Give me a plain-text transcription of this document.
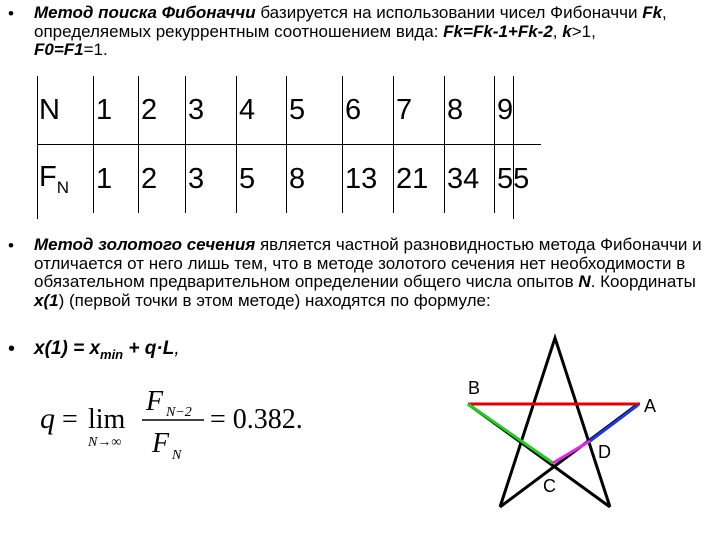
•
•
•
Метод поиска Фибоначчи базируется на использовании чисел Фибоначчи Fk, определяемых рекуррентным соотношением вида: Fk=Fk-1+Fk-2, k>1, F0=F1=1.
N	1	2	3	4	5	6	7	8	9
$F_N$	1	2	3	5	8	13	21	34	55
Метод золотого сечения является частной разновидностью метода Фибоначчи и отличается от него лишь тем, что в методе золотого сечения нет необходимости в обязательном предварительном определении общего числа опытов N. Координаты x(1) (первой точки в этом методе) находятся по формуле:
$x(1) = x_{min} + q\cdot L$,
q = lim
N→∞
F N−2
F N
= 0.382.
B
A
D
C
